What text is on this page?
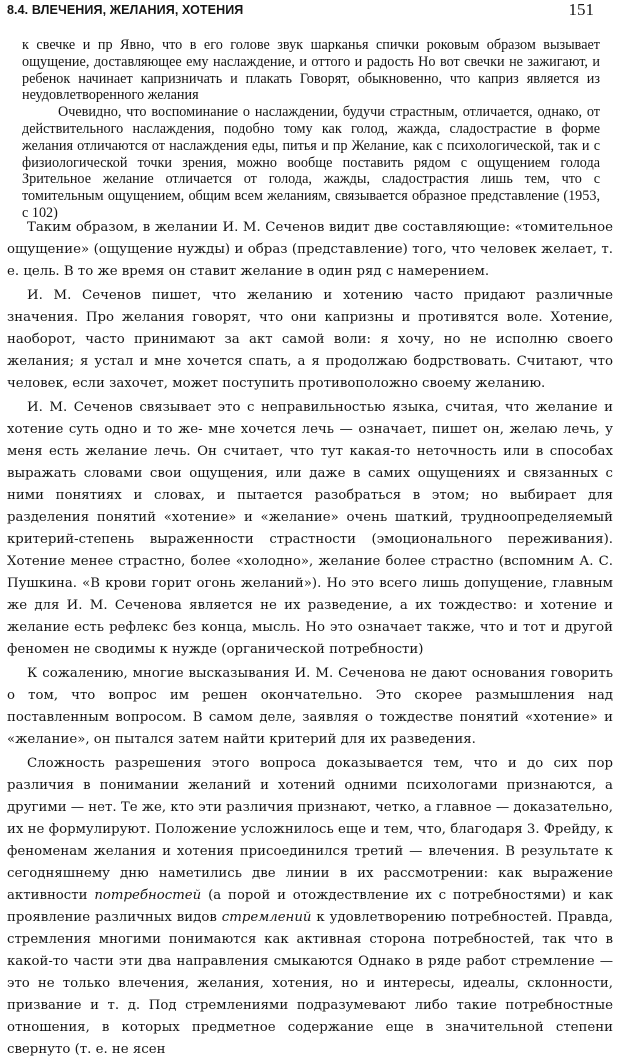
8.4. ВЛЕЧЕНИЯ, ЖЕЛАНИЯ, ХОТЕНИЯ	151

к свечке и пр Явно, что в его голове звук шарканья спички роковым образом вызывает ощущение, доставляющее ему наслаждение, и оттого и радость Но вот свечки не зажигают, и ребенок начинает капризничать и плакать Говорят, обыкновенно, что каприз является из неудовлетворенного желания

Очевидно, что воспоминание о наслаждении, будучи страстным, отличается, однако, от действительного наслаждения, подобно тому как голод, жажда, сладострастие в форме желания отличаются от наслаждения еды, питья и пр Желание, как с психологической, так и с физиологической точки зрения, можно вообще поставить рядом с ощущением голода Зрительное желание отличается от голода, жажды, сладострастия лишь тем, что с томительным ощущением, общим всем желаниям, связывается образное представление (1953, с 102)

Таким образом, в желании И. М. Сеченов видит две составляющие: «томительное ощущение» (ощущение нужды) и образ (представление) того, что человек желает, т. е. цель. В то же время он ставит желание в один ряд с намерением.

И. М. Сеченов пишет, что желанию и хотению часто придают различные значения. Про желания говорят, что они капризны и противятся воле. Хотение, наоборот, часто принимают за акт самой воли: я хочу, но не исполню своего желания; я устал и мне хочется спать, а я продолжаю бодрствовать. Считают, что человек, если захочет, может поступить противоположно своему желанию.

И. М. Сеченов связывает это с неправильностью языка, считая, что желание и хотение суть одно и то же- мне хочется лечь — означает, пишет он, желаю лечь, у меня есть желание лечь. Он считает, что тут какая-то неточность или в способах выражать словами свои ощущения, или даже в самих ощущениях и связанных с ними понятиях и словах, и пытается разобраться в этом; но выбирает для разделения понятий «хотение» и «желание» очень шаткий, трудноопределяемый критерий-степень выраженности страстности (эмоционального переживания). Хотение менее страстно, более «холодно», желание более страстно (вспомним А. С. Пушкина. «В крови горит огонь желаний»). Но это всего лишь допущение, главным же для И. М. Сеченова является не их разведение, а их тождество: и хотение и желание есть рефлекс без конца, мысль. Но это означает также, что и тот и другой феномен не сводимы к нужде (органической потребности)

К сожалению, многие высказывания И. М. Сеченова не дают основания говорить о том, что вопрос им решен окончательно. Это скорее размышления над поставленным вопросом. В самом деле, заявляя о тождестве понятий «хотение» и «желание», он пытался затем найти критерий для их разведения.

Сложность разрешения этого вопроса доказывается тем, что и до сих пор различия в понимании желаний и хотений одними психологами признаются, а другими — нет. Те же, кто эти различия признают, четко, а главное — доказательно, их не формулируют. Положение усложнилось еще и тем, что, благодаря 3. Фрейду, к феноменам желания и хотения присоединился третий — влечения. В результате к сегодняшнему дню наметились две линии в их рассмотрении: как выражение активности потребностей (а порой и отождествление их с потребностями) и как проявление различных видов стремлений к удовлетворению потребностей. Правда, стремления многими понимаются как активная сторона потребностей, так что в какой-то части эти два направления смыкаются Однако в ряде работ стремление — это не только влечения, желания, хотения, но и интересы, идеалы, склонности, призвание и т. д. Под стремлениями подразумевают либо такие потребностные отношения, в которых предметное содержание еще в значительной степени свернуто (т. е. не ясен
